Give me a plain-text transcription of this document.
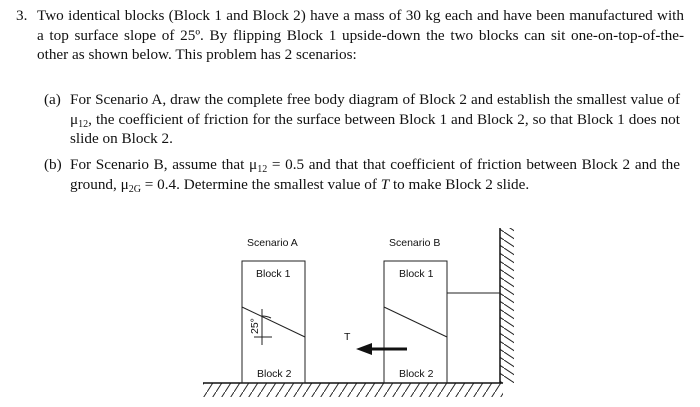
3. Two identical blocks (Block 1 and Block 2) have a mass of 30 kg each and have been manufactured with a top surface slope of 25º. By flipping Block 1 upside-down the two blocks can sit one-on-top-of-the-other as shown below. This problem has 2 scenarios:
(a) For Scenario A, draw the complete free body diagram of Block 2 and establish the smallest value of $\mu_{12}$, the coefficient of friction for the surface between Block 1 and Block 2, so that Block 1 does not slide on Block 2.
(b) For Scenario B, assume that $\mu_{12} = 0.5$ and that that coefficient of friction between Block 2 and the ground, $\mu_{2G} = 0.4$. Determine the smallest value of T to make Block 2 slide.
Scenario A
Block 1
Block 2
25°
Scenario B
Block 1
Block 2
T
